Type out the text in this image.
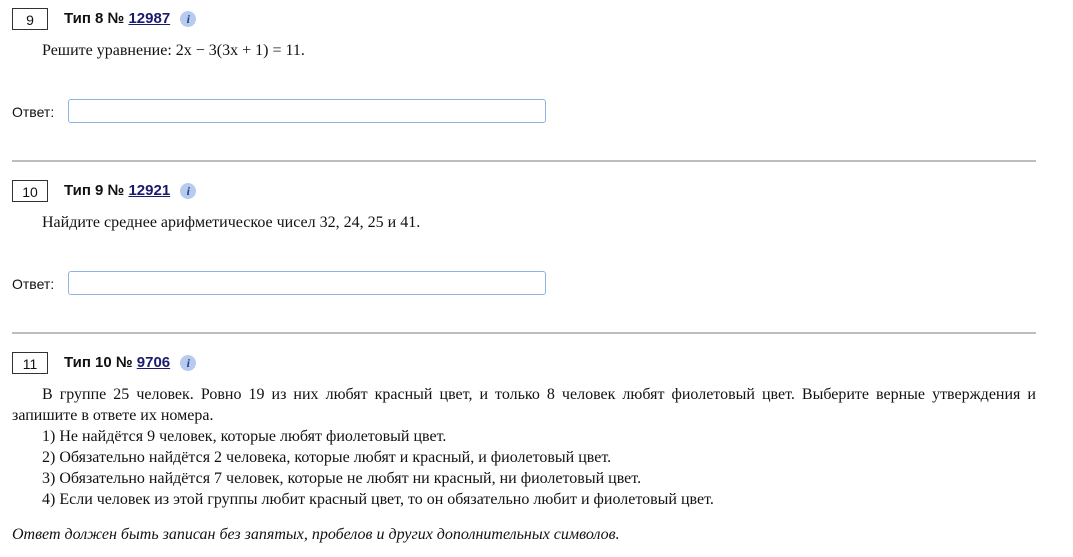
9	Тип 8 № 12987 i
Решите уравнение: 2x − 3(3x + 1) = 11.
Ответ:
10	Тип 9 № 12921 i
Найдите среднее арифметическое чисел 32, 24, 25 и 41.
Ответ:
11	Тип 10 № 9706 i
В группе 25 человек. Ровно 19 из них любят красный цвет, и только 8 человек любят фиолетовый цвет. Выберите верные утверждения и запишите в ответе их номера.
1) Не найдётся 9 человек, которые любят фиолетовый цвет.
2) Обязательно найдётся 2 человека, которые любят и красный, и фиолетовый цвет.
3) Обязательно найдётся 7 человек, которые не любят ни красный, ни фиолетовый цвет.
4) Если человек из этой группы любит красный цвет, то он обязательно любит и фиолетовый цвет.
Ответ должен быть записан без запятых, пробелов и других дополнительных символов.
